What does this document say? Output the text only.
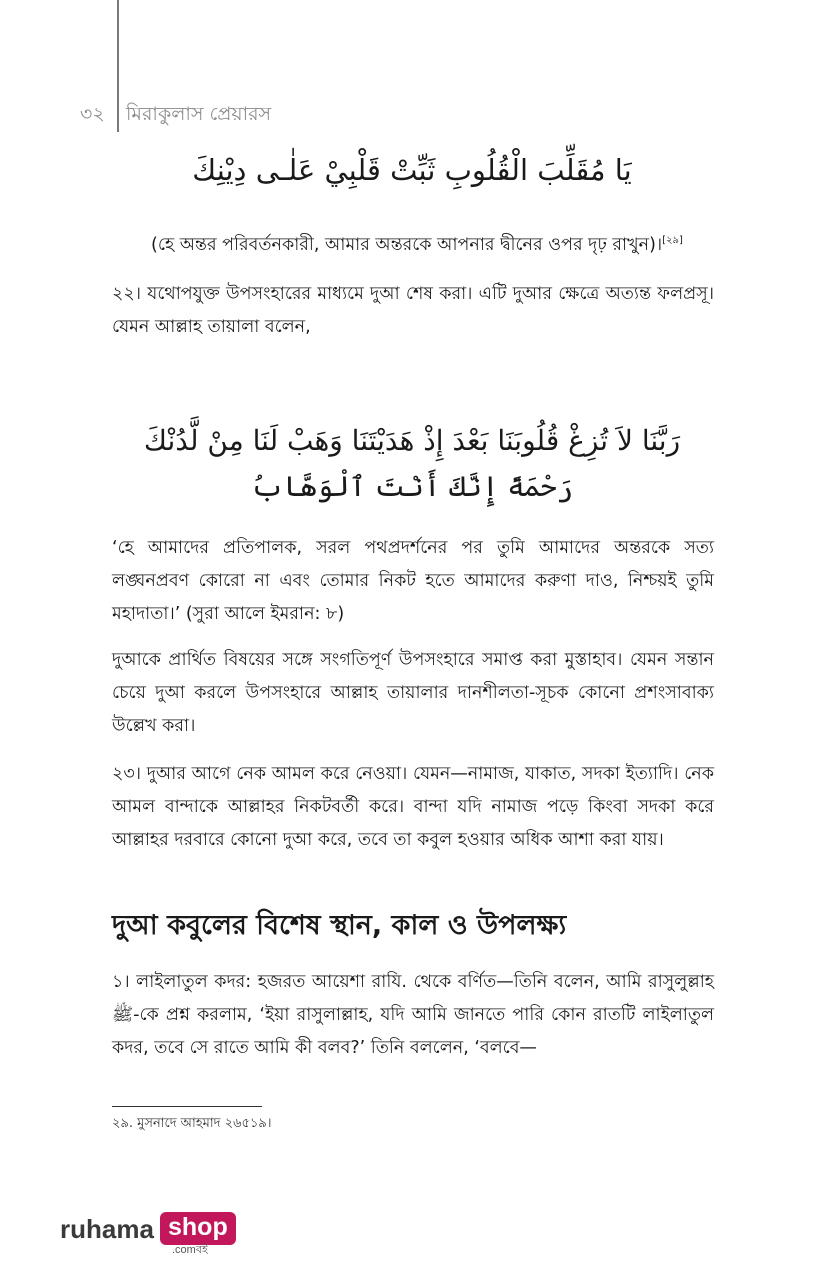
৩২ মিরাকুলাস প্রেয়ারস
يَا مُقَلِّبَ الْقُلُوبِ ثَبِّتْ قَلْبِيْ عَلٰـى دِيْنِكَ

(হে অন্তর পরিবর্তনকারী, আমার অন্তরকে আপনার দ্বীনের ওপর দৃঢ় রাখুন)।[২৯]

২২। যথোপযুক্ত উপসংহারের মাধ্যমে দুআ শেষ করা। এটি দুআর ক্ষেত্রে অত্যন্ত ফলপ্রসূ। যেমন আল্লাহ তায়ালা বলেন,

رَبَّنَا لاَ تُزِغْ قُلُوبَنَا بَعْدَ إِذْ هَدَيْتَنَا وَهَبْ لَنَا مِنْ لَّدُنْكَ
رَحْمَةً إِنَّكَ أَنْتَ ٱلْوَهَّابُ

‘হে আমাদের প্রতিপালক, সরল পথপ্রদর্শনের পর তুমি আমাদের অন্তরকে সত্য লঙ্ঘনপ্রবণ কোরো না এবং তোমার নিকট হতে আমাদের করুণা দাও, নিশ্চয়ই তুমি মহাদাতা।’ (সুরা আলে ইমরান: ৮)

দুআকে প্রার্থিত বিষয়ের সঙ্গে সংগতিপূর্ণ উপসংহারে সমাপ্ত করা মুস্তাহাব। যেমন সন্তান চেয়ে দুআ করলে উপসংহারে আল্লাহ তায়ালার দানশীলতা-সূচক কোনো প্রশংসাবাক্য উল্লেখ করা।

২৩। দুআর আগে নেক আমল করে নেওয়া। যেমন—নামাজ, যাকাত, সদকা ইত্যাদি। নেক আমল বান্দাকে আল্লাহর নিকটবর্তী করে। বান্দা যদি নামাজ পড়ে কিংবা সদকা করে আল্লাহর দরবারে কোনো দুআ করে, তবে তা কবুল হওয়ার অধিক আশা করা যায়।

দুআ কবুলের বিশেষ স্থান, কাল ও উপলক্ষ্য

১। লাইলাতুল কদর: হজরত আয়েশা রাযি. থেকে বর্ণিত—তিনি বলেন, আমি রাসুলুল্লাহ ﷺ-কে প্রশ্ন করলাম, ‘ইয়া রাসুলাল্লাহ, যদি আমি জানতে পারি কোন রাতটি লাইলাতুল কদর, তবে সে রাতে আমি কী বলব?’ তিনি বললেন, ‘বলবে—

২৯. মুসনাদে আহমাদ ২৬৫১৯।
ruhama shop
.comবই
